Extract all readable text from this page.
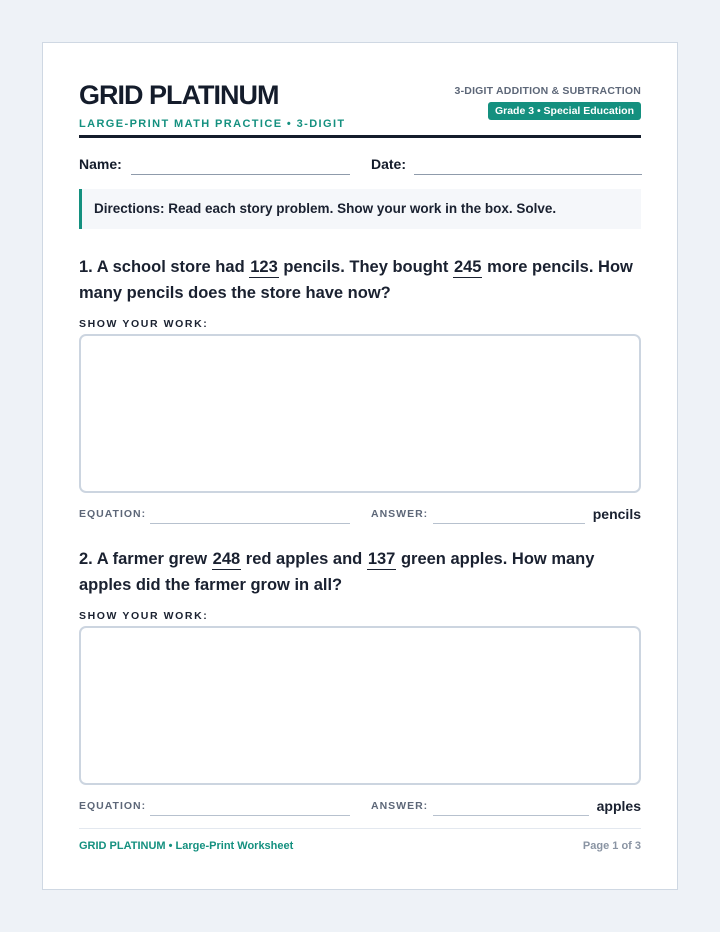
GRID PLATINUM
LARGE-PRINT MATH PRACTICE • 3-DIGIT
3-DIGIT ADDITION & SUBTRACTION
Grade 3 • Special Education
Name:	Date:
Directions: Read each story problem. Show your work in the box. Solve.
1. A school store had 123 pencils. They bought 245 more pencils. How many pencils does the store have now?
SHOW YOUR WORK:
EQUATION:	ANSWER:	pencils
2. A farmer grew 248 red apples and 137 green apples. How many apples did the farmer grow in all?
SHOW YOUR WORK:
EQUATION:	ANSWER:	apples
GRID PLATINUM • Large-Print Worksheet	Page 1 of 3
